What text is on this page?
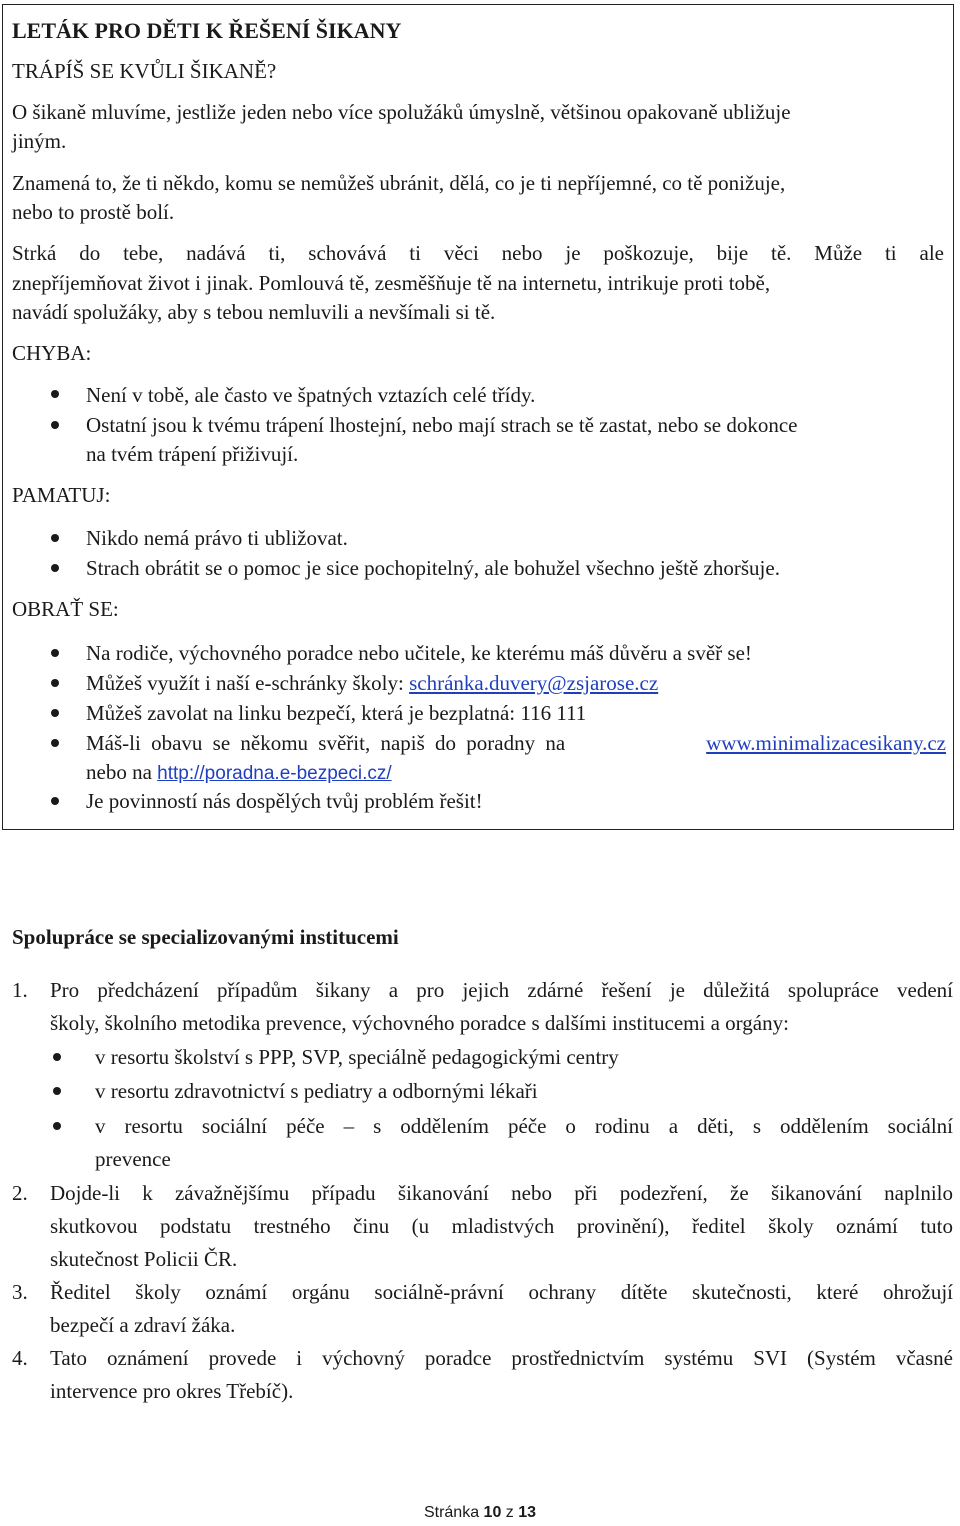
LETÁK PRO DĚTI K ŘEŠENÍ ŠIKANY
TRÁPÍŠ SE KVŮLI ŠIKANĚ?
O šikaně mluvíme, jestliže jeden nebo více spolužáků úmyslně, většinou opakovaně ubližuje
jiným.
Znamená to, že ti někdo, komu se nemůžeš ubránit, dělá, co je ti nepříjemné, co tě ponižuje,
nebo to prostě bolí.
Strká do tebe, nadává ti, schovává ti věci nebo je poškozuje, bije tě. Může ti ale
znepříjemňovat život i jinak. Pomlouvá tě, zesměšňuje tě na internetu, intrikuje proti tobě,
navádí spolužáky, aby s tebou nemluvili a nevšímali si tě.
CHYBA:
Není v tobě, ale často ve špatných vztazích celé třídy.
Ostatní jsou k tvému trápení lhostejní, nebo mají strach se tě zastat, nebo se dokonce
na tvém trápení přiživují.
PAMATUJ:
Nikdo nemá právo ti ubližovat.
Strach obrátit se o pomoc je sice pochopitelný, ale bohužel všechno ještě zhoršuje.
OBRAŤ SE:
Na rodiče, výchovného poradce nebo učitele, ke kterému máš důvěru a svěř se!
Můžeš využít i naší e-schránky školy: schránka.duvery@zsjarose.cz
Můžeš zavolat na linku bezpečí, která je bezplatná: 116 111
Máš-li obavu se někomu svěřit, napiš do poradny na	www.minimalizacesikany.cz
nebo na http://poradna.e-bezpeci.cz/
Je povinností nás dospělých tvůj problém řešit!
Spolupráce se specializovanými institucemi
1. Pro předcházení případům šikany a pro jejich zdárné řešení je důležitá spolupráce vedení
školy, školního metodika prevence, výchovného poradce s dalšími institucemi a orgány:
v resortu školství s PPP, SVP, speciálně pedagogickými centry
v resortu zdravotnictví s pediatry a odbornými lékaři
v resortu sociální péče – s oddělením péče o rodinu a děti, s oddělením sociální
prevence
2. Dojde-li k závažnějšímu případu šikanování nebo při podezření, že šikanování naplnilo
skutkovou podstatu trestného činu (u mladistvých provinění), ředitel školy oznámí tuto
skutečnost Policii ČR.
3. Ředitel školy oznámí orgánu sociálně-právní ochrany dítěte skutečnosti, které ohrožují
bezpečí a zdraví žáka.
4. Tato oznámení provede i výchovný poradce prostřednictvím systému SVI (Systém včasné
intervence pro okres Třebíč).
Stránka 10 z 13
